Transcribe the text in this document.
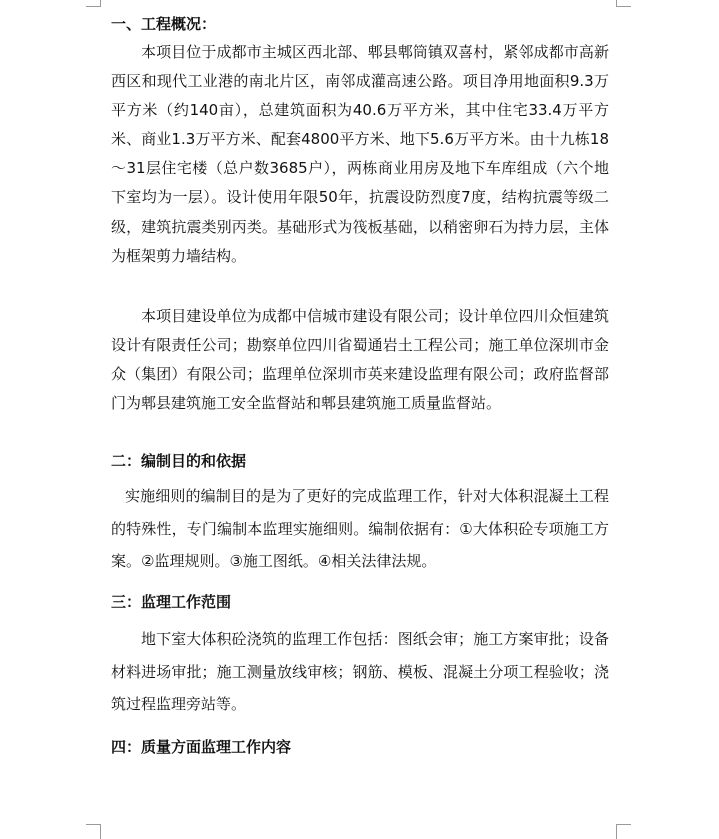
一、工程概况：

本项目位于成都市主城区西北部、郫县郫筒镇双喜村，紧邻成都市高新西区和现代工业港的南北片区，南邻成灌高速公路。项目净用地面积9.3万平方米（约140亩），总建筑面积为40.6万平方米，其中住宅33.4万平方米、商业1.3万平方米、配套4800平方米、地下5.6万平方米。由十九栋18～31层住宅楼（总户数3685户），两栋商业用房及地下车库组成（六个地下室均为一层）。设计使用年限50年，抗震设防烈度7度，结构抗震等级二级，建筑抗震类别丙类。基础形式为筏板基础，以稍密卵石为持力层，主体为框架剪力墙结构。

本项目建设单位为成都中信城市建设有限公司；设计单位四川众恒建筑设计有限责任公司；勘察单位四川省蜀通岩土工程公司；施工单位深圳市金众（集团）有限公司；监理单位深圳市英来建设监理有限公司；政府监督部门为郫县建筑施工安全监督站和郫县建筑施工质量监督站。

二：编制目的和依据

实施细则的编制目的是为了更好的完成监理工作，针对大体积混凝土工程的特殊性，专门编制本监理实施细则。编制依据有：①大体积砼专项施工方案。②监理规则。③施工图纸。④相关法律法规。

三：监理工作范围

地下室大体积砼浇筑的监理工作包括：图纸会审；施工方案审批；设备材料进场审批；施工测量放线审核；钢筋、模板、混凝土分项工程验收；浇筑过程监理旁站等。

四：质量方面监理工作内容
